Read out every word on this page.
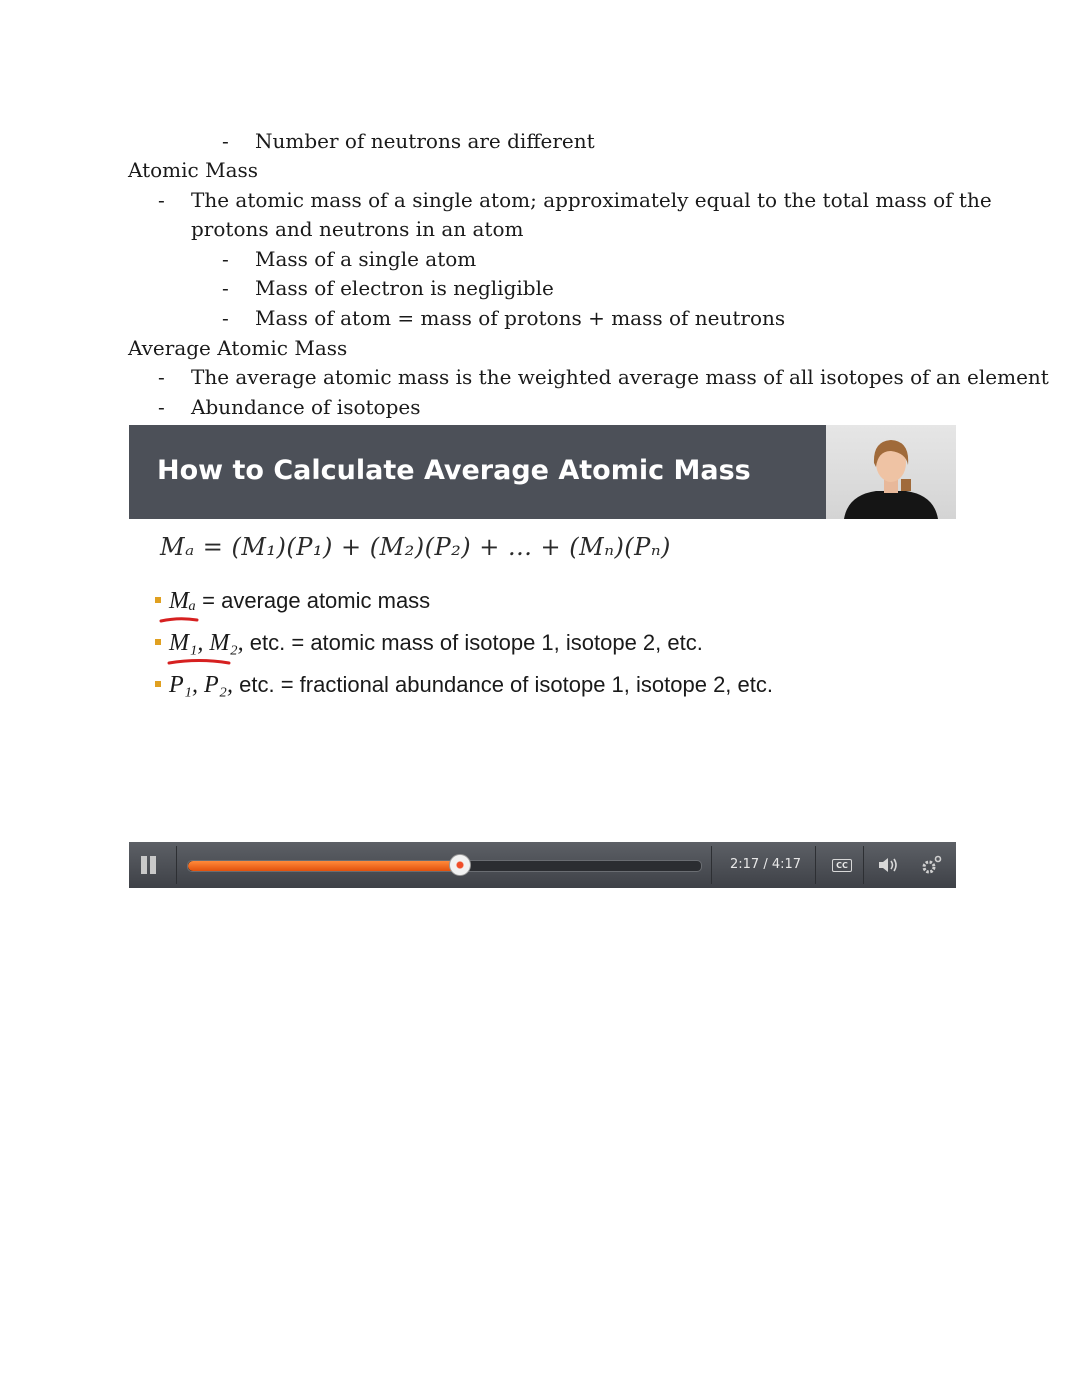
- Number of neutrons are different
Atomic Mass
- The atomic mass of a single atom; approximately equal to the total mass of the
protons and neutrons in an atom
- Mass of a single atom
- Mass of electron is negligible
- Mass of atom = mass of protons + mass of neutrons
Average Atomic Mass
- The average atomic mass is the weighted average mass of all isotopes of an element
- Abundance of isotopes
How to Calculate Average Atomic Mass
Mₐ = (M₁)(P₁) + (M₂)(P₂) + ... + (Mₙ)(Pₙ)
Mₐ = average atomic mass
M₁, M₂, etc. = atomic mass of isotope 1, isotope 2, etc.
P₁, P₂, etc. = fractional abundance of isotope 1, isotope 2, etc.
2:17 / 4:17	CC
